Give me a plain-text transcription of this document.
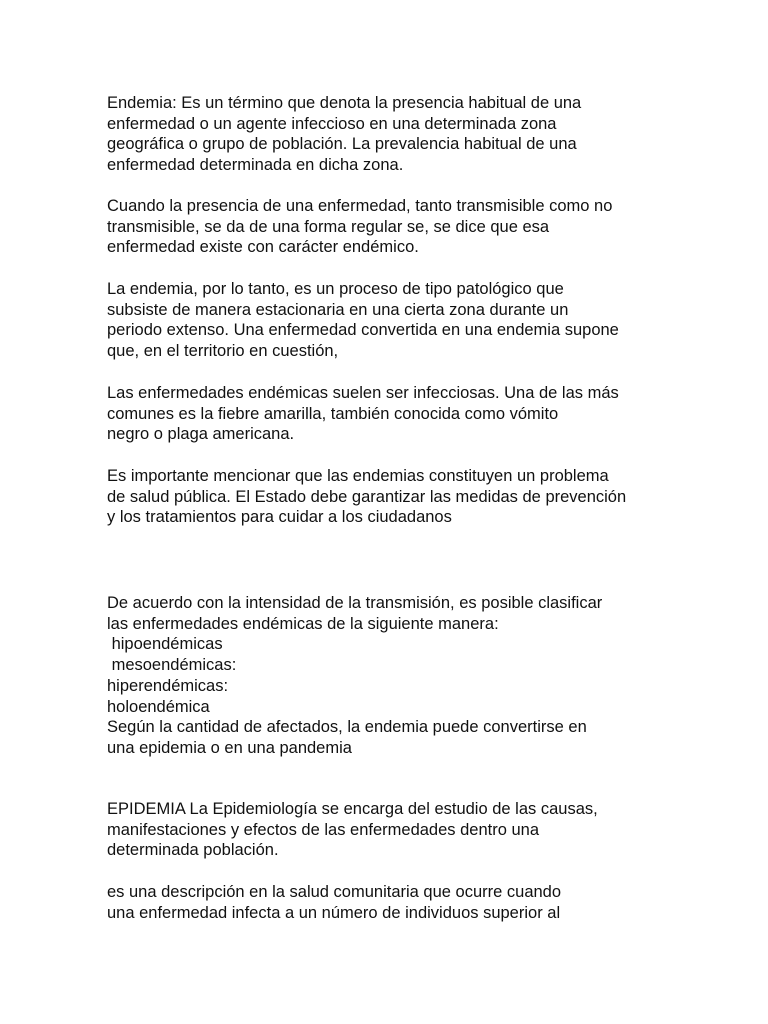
Endemia: Es un término que denota la presencia habitual de una
enfermedad o un agente infeccioso en una determinada zona
geográfica o grupo de población. La prevalencia habitual de una
enfermedad determinada en dicha zona.

Cuando la presencia de una enfermedad, tanto transmisible como no
transmisible, se da de una forma regular se, se dice que esa
enfermedad existe con carácter endémico.

La endemia, por lo tanto, es un proceso de tipo patológico que
subsiste de manera estacionaria en una cierta zona durante un
periodo extenso. Una enfermedad convertida en una endemia supone
que, en el territorio en cuestión,

Las enfermedades endémicas suelen ser infecciosas. Una de las más
comunes es la fiebre amarilla, también conocida como vómito
negro o plaga americana.

Es importante mencionar que las endemias constituyen un problema
de salud pública. El Estado debe garantizar las medidas de prevención
y los tratamientos para cuidar a los ciudadanos

De acuerdo con la intensidad de la transmisión, es posible clasificar
las enfermedades endémicas de la siguiente manera:
hipoendémicas
mesoendémicas:
hiperendémicas:
holoendémica
Según la cantidad de afectados, la endemia puede convertirse en
una epidemia o en una pandemia

EPIDEMIA La Epidemiología se encarga del estudio de las causas,
manifestaciones y efectos de las enfermedades dentro una
determinada población.

es una descripción en la salud comunitaria que ocurre cuando
una enfermedad infecta a un número de individuos superior al
